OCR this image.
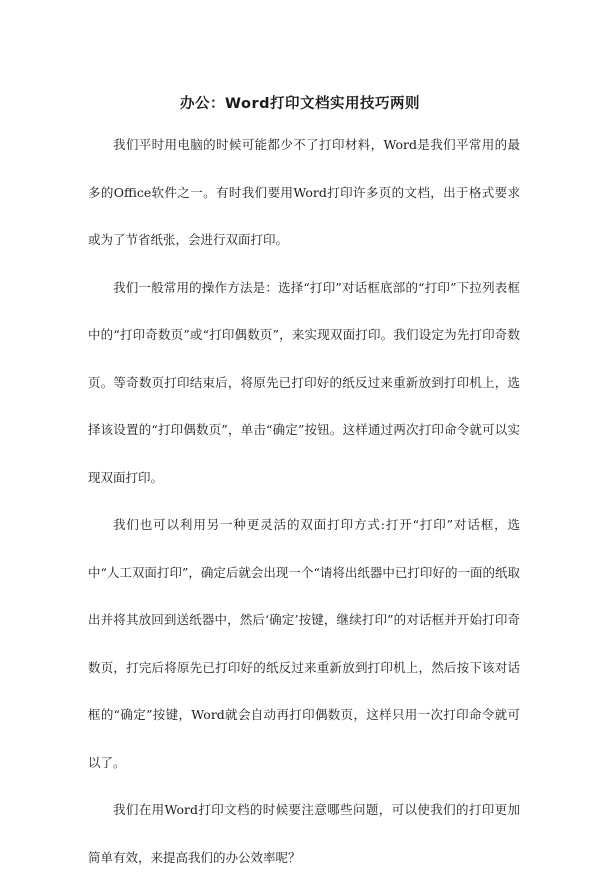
办公：Word打印文档实用技巧两则

我们平时用电脑的时候可能都少不了打印材料，Word是我们平常用的最多的Office软件之一。有时我们要用Word打印许多页的文档，出于格式要求或为了节省纸张，会进行双面打印。

我们一般常用的操作方法是：选择“打印”对话框底部的“打印”下拉列表框中的“打印奇数页”或“打印偶数页”，来实现双面打印。我们设定为先打印奇数页。等奇数页打印结束后，将原先已打印好的纸反过来重新放到打印机上，选择该设置的“打印偶数页”，单击“确定”按钮。这样通过两次打印命令就可以实现双面打印。

我们也可以利用另一种更灵活的双面打印方式:打开“打印”对话框，选中“人工双面打印”，确定后就会出现一个“请将出纸器中已打印好的一面的纸取出并将其放回到送纸器中，然后‘确定’按键，继续打印”的对话框并开始打印奇数页，打完后将原先已打印好的纸反过来重新放到打印机上，然后按下该对话框的“确定”按键，Word就会自动再打印偶数页，这样只用一次打印命令就可以了。

我们在用Word打印文档的时候要注意哪些问题，可以使我们的打印更加简单有效，来提高我们的办公效率呢？
